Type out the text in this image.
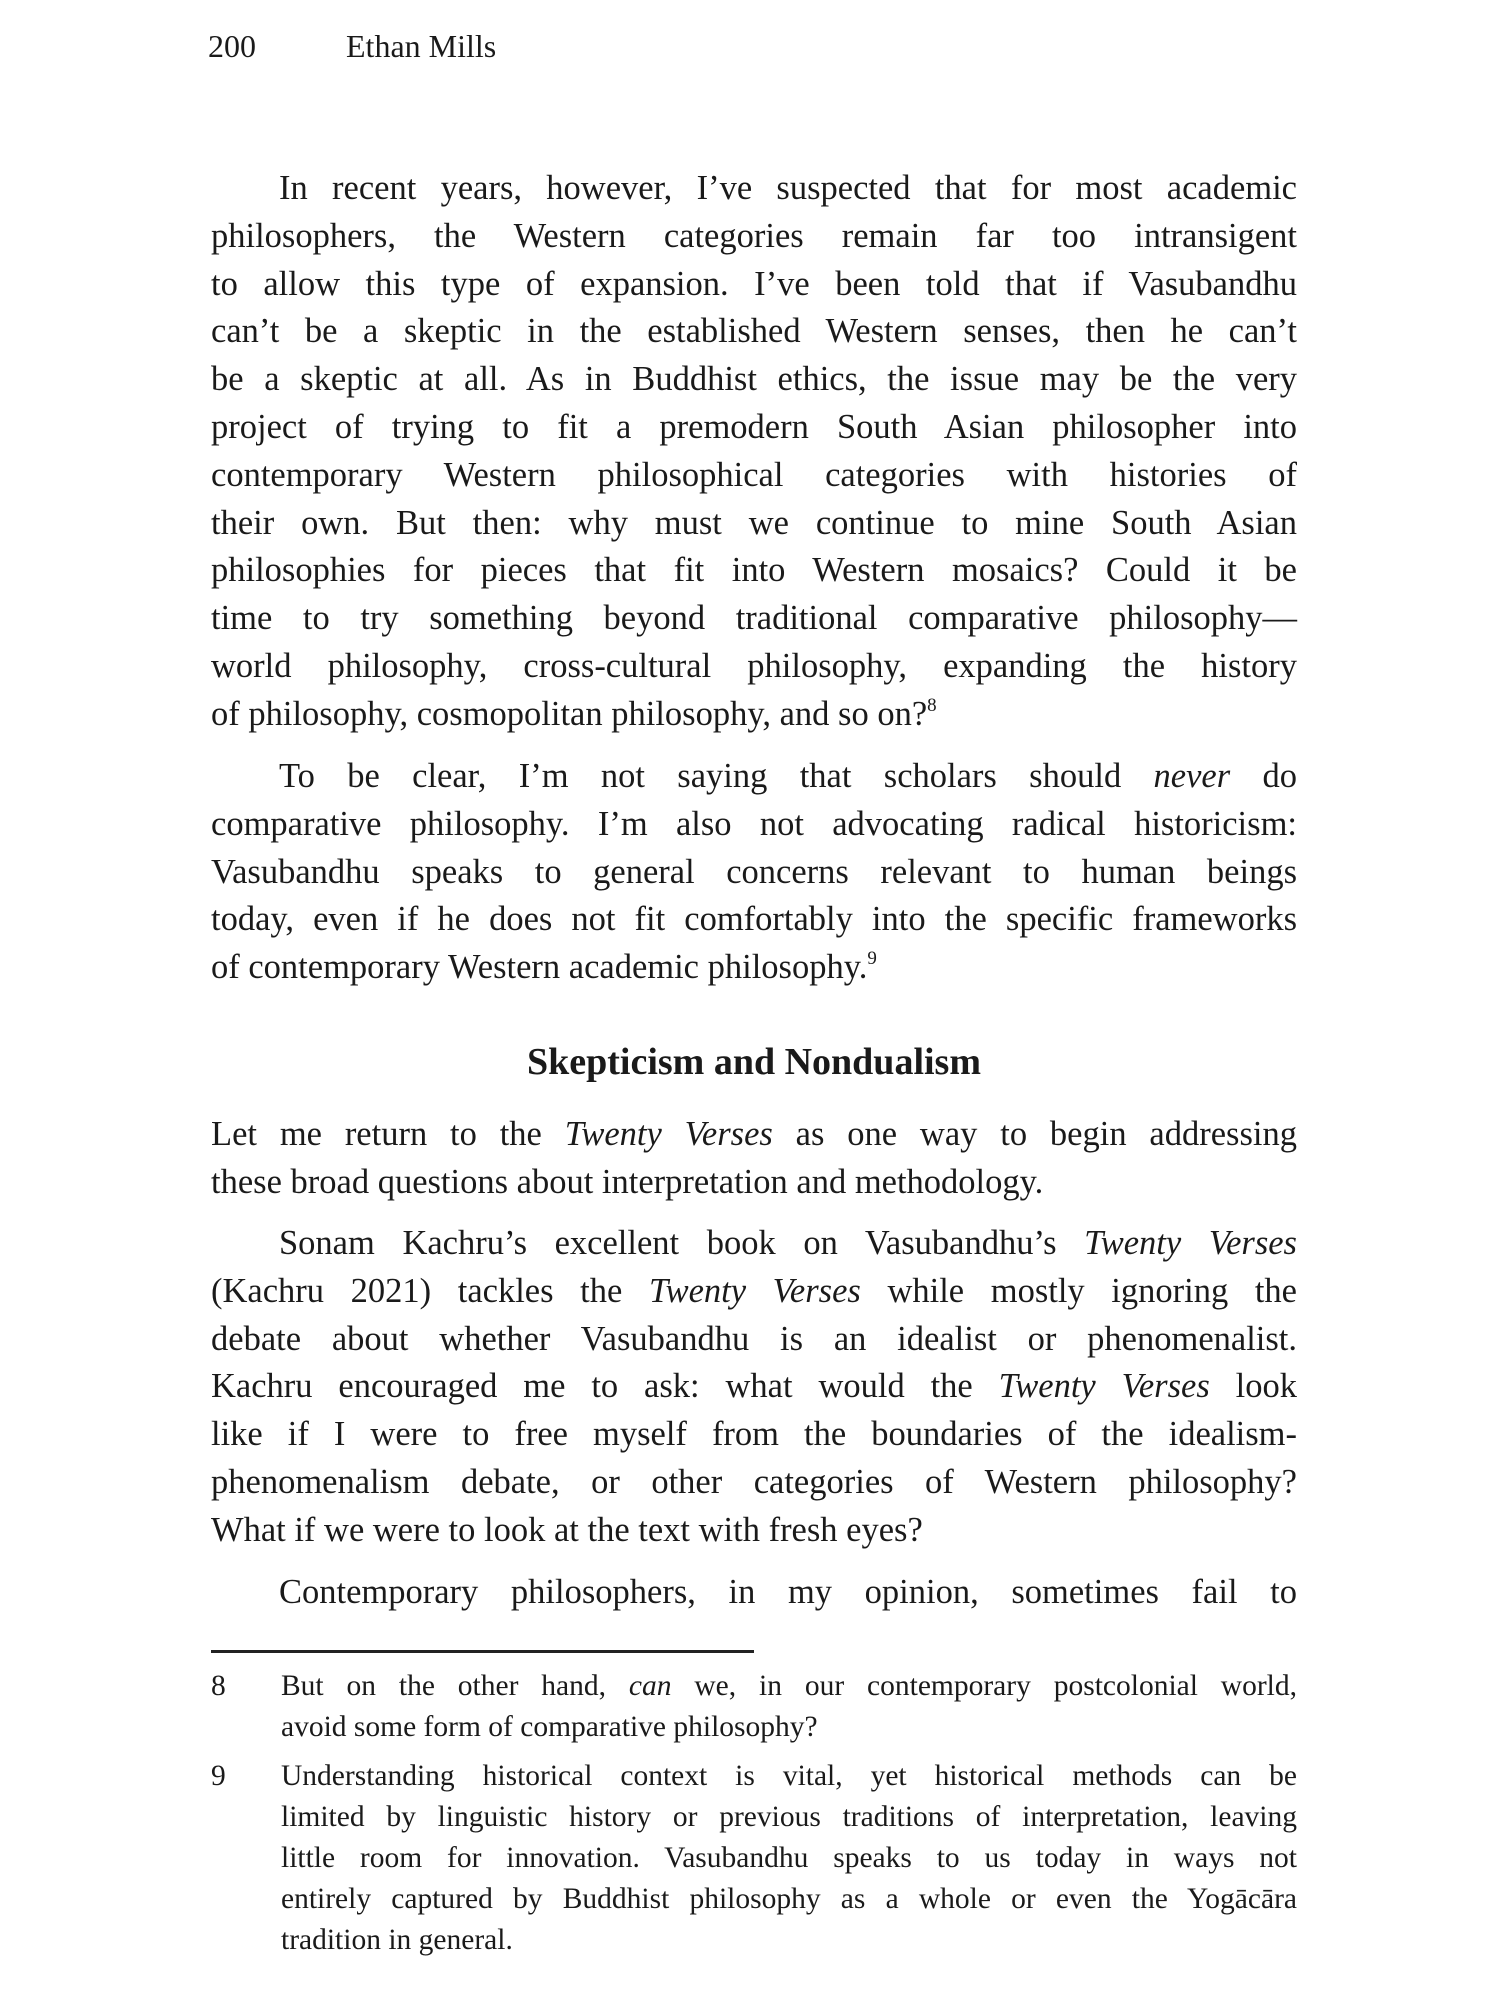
200	Ethan Mills
In recent years, however, I’ve suspected that for most academic
philosophers, the Western categories remain far too intransigent
to allow this type of expansion. I’ve been told that if Vasubandhu
can’t be a skeptic in the established Western senses, then he can’t
be a skeptic at all. As in Buddhist ethics, the issue may be the very
project of trying to fit a premodern South Asian philosopher into
contemporary Western philosophical categories with histories of
their own. But then: why must we continue to mine South Asian
philosophies for pieces that fit into Western mosaics? Could it be
time to try something beyond traditional comparative philosophy—
world philosophy, cross-cultural philosophy, expanding the history
of philosophy, cosmopolitan philosophy, and so on?$^8$
To be clear, I’m not saying that scholars should never do
comparative philosophy. I’m also not advocating radical historicism:
Vasubandhu speaks to general concerns relevant to human beings
today, even if he does not fit comfortably into the specific frameworks
of contemporary Western academic philosophy.$^9$
Let me return to the Twenty Verses as one way to begin addressing
these broad questions about interpretation and methodology.
Sonam Kachru’s excellent book on Vasubandhu’s Twenty Verses
(Kachru 2021) tackles the Twenty Verses while mostly ignoring the
debate about whether Vasubandhu is an idealist or phenomenalist.
Kachru encouraged me to ask: what would the Twenty Verses look
like if I were to free myself from the boundaries of the idealism-
phenomenalism debate, or other categories of Western philosophy?
What if we were to look at the text with fresh eyes?
Contemporary philosophers, in my opinion, sometimes fail to
Skepticism and Nondualism
8 But on the other hand, can we, in our contemporary postcolonial world,
avoid some form of comparative philosophy?
9 Understanding historical context is vital, yet historical methods can be
limited by linguistic history or previous traditions of interpretation, leaving
little room for innovation. Vasubandhu speaks to us today in ways not
entirely captured by Buddhist philosophy as a whole or even the Yogācāra
tradition in general.
